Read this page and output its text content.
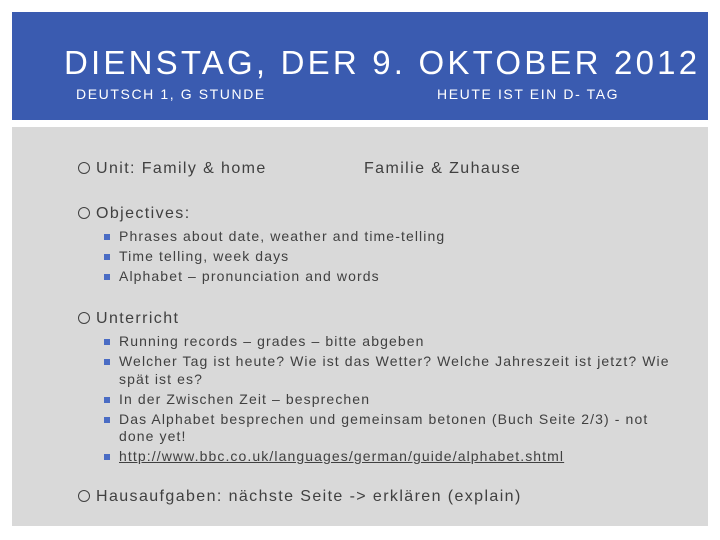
DIENSTAG, DER 9. OKTOBER 2012
DEUTSCH 1, G STUNDE	HEUTE IST EIN D- TAG
Unit: Family & home	Familie & Zuhause
Objectives:
Phrases about date, weather and time-telling
Time telling, week days
Alphabet – pronunciation and words
Unterricht
Running records – grades – bitte abgeben
Welcher Tag ist heute? Wie ist das Wetter? Welche Jahreszeit ist jetzt? Wie spät ist es?
In der Zwischen Zeit – besprechen
Das Alphabet besprechen und gemeinsam betonen (Buch Seite 2/3) - not done yet!
http://www.bbc.co.uk/languages/german/guide/alphabet.shtml
Hausaufgaben: nächste Seite -> erklären (explain)
